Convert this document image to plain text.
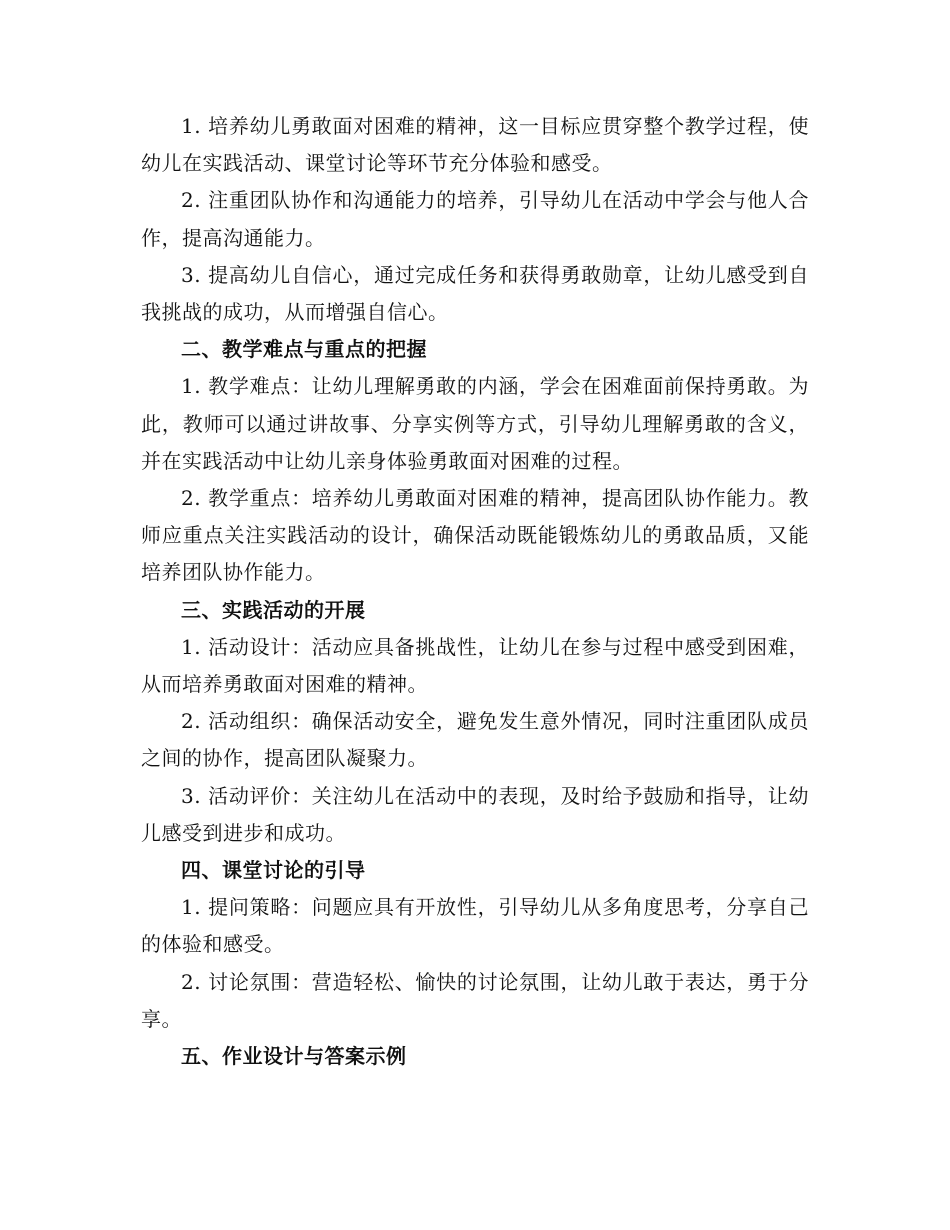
1. 培养幼儿勇敢面对困难的精神，这一目标应贯穿整个教学过程，使幼儿在实践活动、课堂讨论等环节充分体验和感受。

2. 注重团队协作和沟通能力的培养，引导幼儿在活动中学会与他人合作，提高沟通能力。

3. 提高幼儿自信心，通过完成任务和获得勇敢勋章，让幼儿感受到自我挑战的成功，从而增强自信心。

二、教学难点与重点的把握

1. 教学难点：让幼儿理解勇敢的内涵，学会在困难面前保持勇敢。为此，教师可以通过讲故事、分享实例等方式，引导幼儿理解勇敢的含义，并在实践活动中让幼儿亲身体验勇敢面对困难的过程。

2. 教学重点：培养幼儿勇敢面对困难的精神，提高团队协作能力。教师应重点关注实践活动的设计，确保活动既能锻炼幼儿的勇敢品质，又能培养团队协作能力。

三、实践活动的开展

1. 活动设计：活动应具备挑战性，让幼儿在参与过程中感受到困难，从而培养勇敢面对困难的精神。

2. 活动组织：确保活动安全，避免发生意外情况，同时注重团队成员之间的协作，提高团队凝聚力。

3. 活动评价：关注幼儿在活动中的表现，及时给予鼓励和指导，让幼儿感受到进步和成功。

四、课堂讨论的引导

1. 提问策略：问题应具有开放性，引导幼儿从多角度思考，分享自己的体验和感受。

2. 讨论氛围：营造轻松、愉快的讨论氛围，让幼儿敢于表达，勇于分享。

五、作业设计与答案示例
